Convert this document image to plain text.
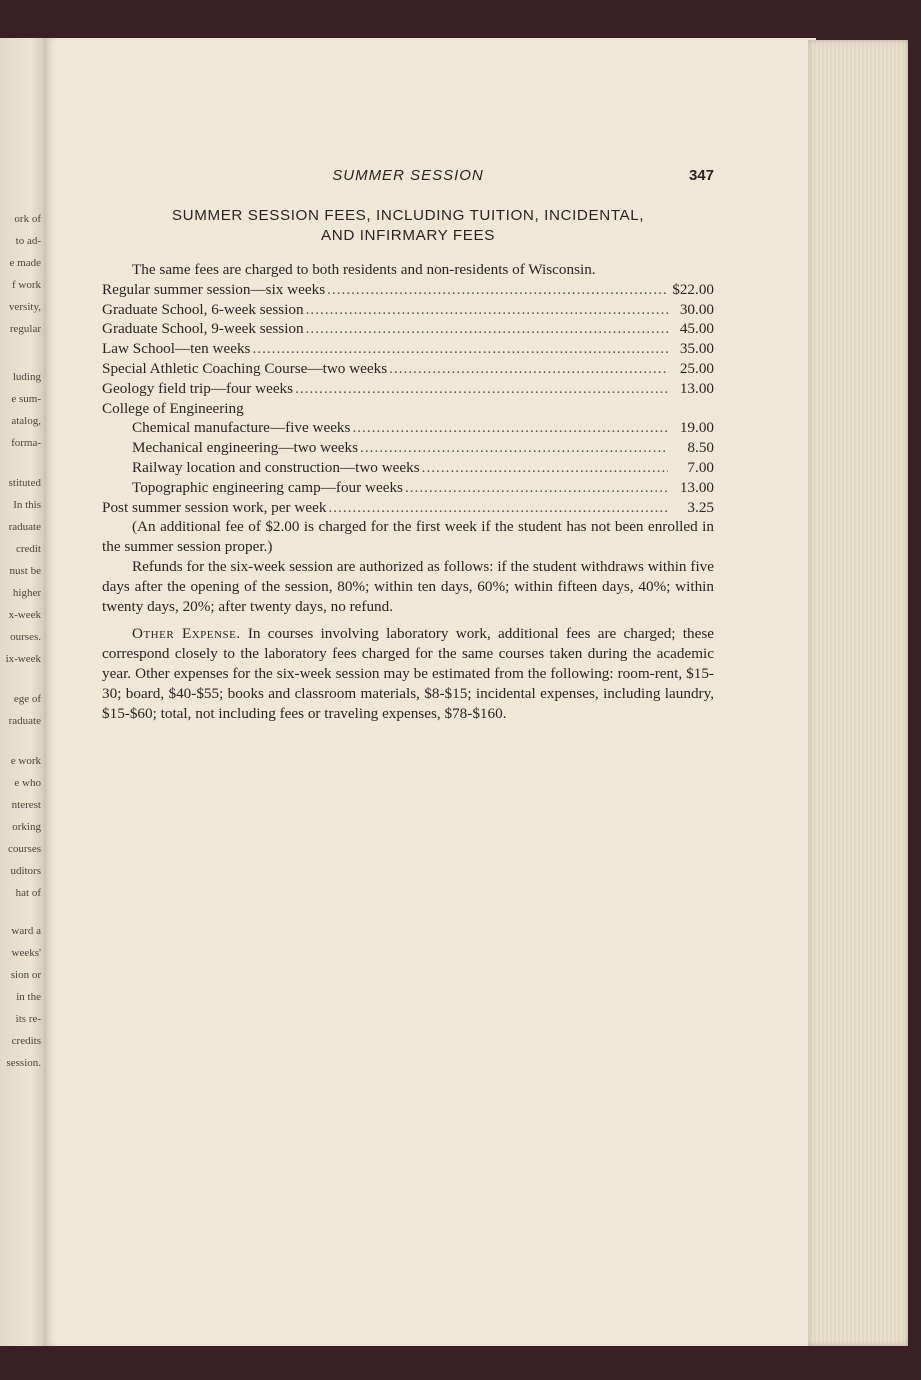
ork of
to ad-
e made
f work
versity,
regular
luding
e sum-
atalog,
forma-
stituted
In this
raduate
credit
nust be
higher
x-week
ourses.
ix-week
ege of
raduate
e work
e who
nterest
orking
courses
uditors
hat of
ward a
weeks'
sion or
in the
its re-
credits
session.
SUMMER SESSION	347
SUMMER SESSION FEES, INCLUDING TUITION, INCIDENTAL,
AND INFIRMARY FEES

The same fees are charged to both residents and non-residents of Wisconsin.

Regular summer session—six weeks .....	$22.00
Graduate School, 6-week session .....	30.00
Graduate School, 9-week session .....	45.00
Law School—ten weeks .....	35.00
Special Athletic Coaching Course—two weeks .....	25.00
Geology field trip—four weeks .....	13.00
College of Engineering
Chemical manufacture—five weeks .....	19.00
Mechanical engineering—two weeks .....	8.50
Railway location and construction—two weeks .....	7.00
Topographic engineering camp—four weeks .....	13.00
Post summer session work, per week .....	3.25

(An additional fee of $2.00 is charged for the first week if the student has not been enrolled in the summer session proper.)

Refunds for the six-week session are authorized as follows: if the student withdraws within five days after the opening of the session, 80%; within ten days, 60%; within fifteen days, 40%; within twenty days, 20%; after twenty days, no refund.

Other Expense. In courses involving laboratory work, additional fees are charged; these correspond closely to the laboratory fees charged for the same courses taken during the academic year. Other expenses for the six-week session may be estimated from the following: room-rent, $15-30; board, $40-$55; books and classroom materials, $8-$15; incidental expenses, including laundry, $15-$60; total, not including fees or traveling expenses, $78-$160.
